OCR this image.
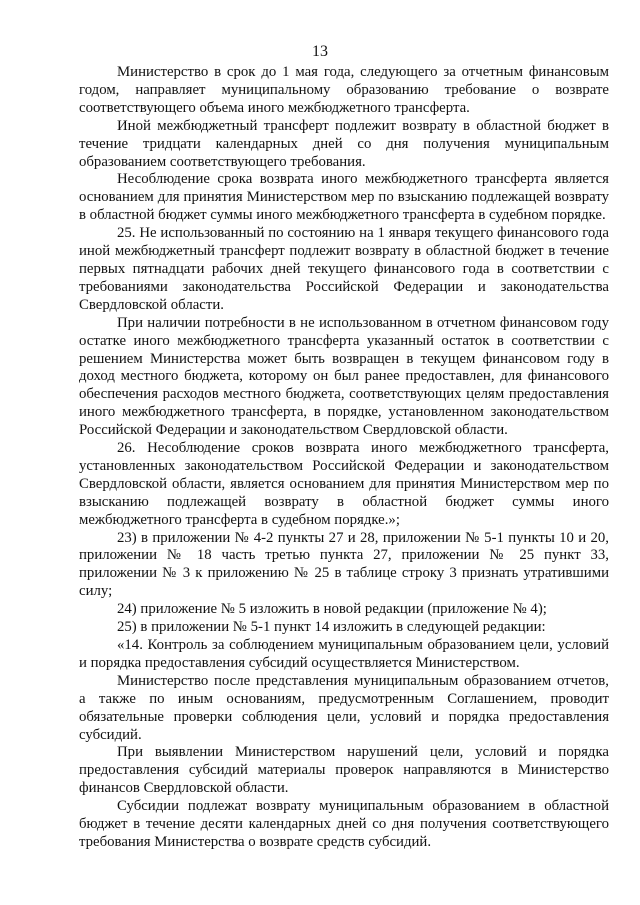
13

Министерство в срок до 1 мая года, следующего за отчетным финансовым годом, направляет муниципальному образованию требование о возврате соответствующего объема иного межбюджетного трансферта.

Иной межбюджетный трансферт подлежит возврату в областной бюджет в течение тридцати календарных дней со дня получения муниципальным образованием соответствующего требования.

Несоблюдение срока возврата иного межбюджетного трансферта является основанием для принятия Министерством мер по взысканию подлежащей возврату в областной бюджет суммы иного межбюджетного трансферта в судебном порядке.

25. Не использованный по состоянию на 1 января текущего финансового года иной межбюджетный трансферт подлежит возврату в областной бюджет в течение первых пятнадцати рабочих дней текущего финансового года в соответствии с требованиями законодательства Российской Федерации и законодательства Свердловской области.

При наличии потребности в не использованном в отчетном финансовом году остатке иного межбюджетного трансферта указанный остаток в соответствии с решением Министерства может быть возвращен в текущем финансовом году в доход местного бюджета, которому он был ранее предоставлен, для финансового обеспечения расходов местного бюджета, соответствующих целям предоставления иного межбюджетного трансферта, в порядке, установленном законодательством Российской Федерации и законодательством Свердловской области.

26. Несоблюдение сроков возврата иного межбюджетного трансферта, установленных законодательством Российской Федерации и законодательством Свердловской области, является основанием для принятия Министерством мер по взысканию подлежащей возврату в областной бюджет суммы иного межбюджетного трансферта в судебном порядке.»;

23) в приложении № 4-2 пункты 27 и 28, приложении № 5-1 пункты 10 и 20, приложении № 18 часть третью пункта 27, приложении № 25 пункт 33, приложении № 3 к приложению № 25 в таблице строку 3 признать утратившими силу;

24) приложение № 5 изложить в новой редакции (приложение № 4);

25) в приложении № 5-1 пункт 14 изложить в следующей редакции:

«14. Контроль за соблюдением муниципальным образованием цели, условий и порядка предоставления субсидий осуществляется Министерством.

Министерство после представления муниципальным образованием отчетов, а также по иным основаниям, предусмотренным Соглашением, проводит обязательные проверки соблюдения цели, условий и порядка предоставления субсидий.

При выявлении Министерством нарушений цели, условий и порядка предоставления субсидий материалы проверок направляются в Министерство финансов Свердловской области.

Субсидии подлежат возврату муниципальным образованием в областной бюджет в течение десяти календарных дней со дня получения соответствующего требования Министерства о возврате средств субсидий.
